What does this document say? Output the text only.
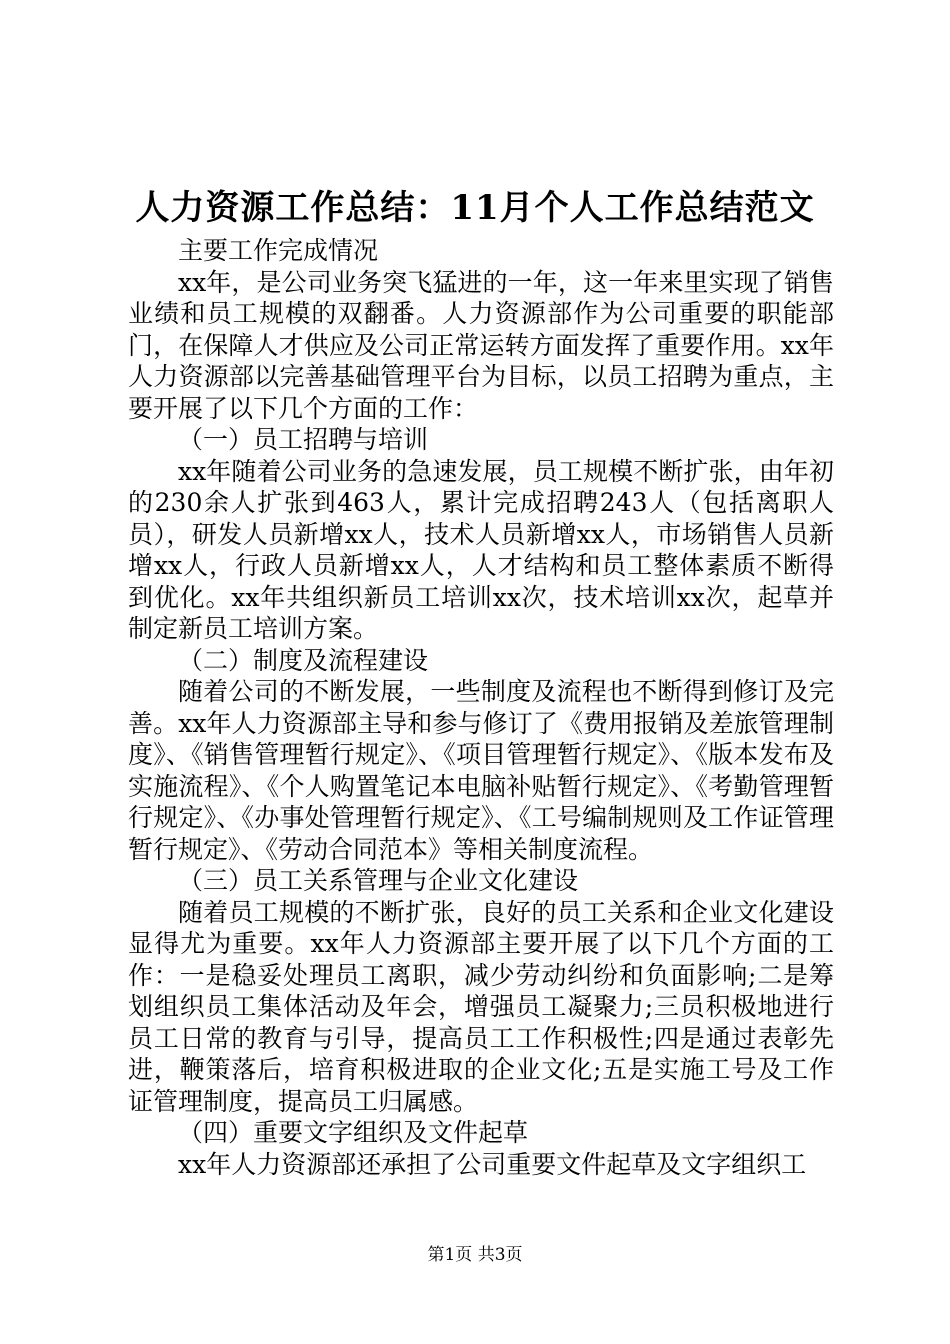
人力资源工作总结：11月个人工作总结范文

主要工作完成情况

xx年，是公司业务突飞猛进的一年，这一年来里实现了销售业绩和员工规模的双翻番。人力资源部作为公司重要的职能部门，在保障人才供应及公司正常运转方面发挥了重要作用。xx年人力资源部以完善基础管理平台为目标，以员工招聘为重点，主要开展了以下几个方面的工作：

（一）员工招聘与培训

xx年随着公司业务的急速发展，员工规模不断扩张，由年初的230余人扩张到463人，累计完成招聘243人（包括离职人员），研发人员新增xx人，技术人员新增xx人，市场销售人员新增xx人，行政人员新增xx人，人才结构和员工整体素质不断得到优化。xx年共组织新员工培训xx次，技术培训xx次，起草并制定新员工培训方案。

（二）制度及流程建设

随着公司的不断发展，一些制度及流程也不断得到修订及完善。xx年人力资源部主导和参与修订了《费用报销及差旅管理制度》、《销售管理暂行规定》、《项目管理暂行规定》、《版本发布及实施流程》、《个人购置笔记本电脑补贴暂行规定》、《考勤管理暂行规定》、《办事处管理暂行规定》、《工号编制规则及工作证管理暂行规定》、《劳动合同范本》等相关制度流程。

（三）员工关系管理与企业文化建设

随着员工规模的不断扩张，良好的员工关系和企业文化建设显得尤为重要。xx年人力资源部主要开展了以下几个方面的工作：一是稳妥处理员工离职，减少劳动纠纷和负面影响;二是筹划组织员工集体活动及年会，增强员工凝聚力;三员积极地进行员工日常的教育与引导，提高员工工作积极性;四是通过表彰先进，鞭策落后，培育积极进取的企业文化;五是实施工号及工作证管理制度，提高员工归属感。

（四）重要文字组织及文件起草

xx年人力资源部还承担了公司重要文件起草及文字组织工

第1页 共3页
